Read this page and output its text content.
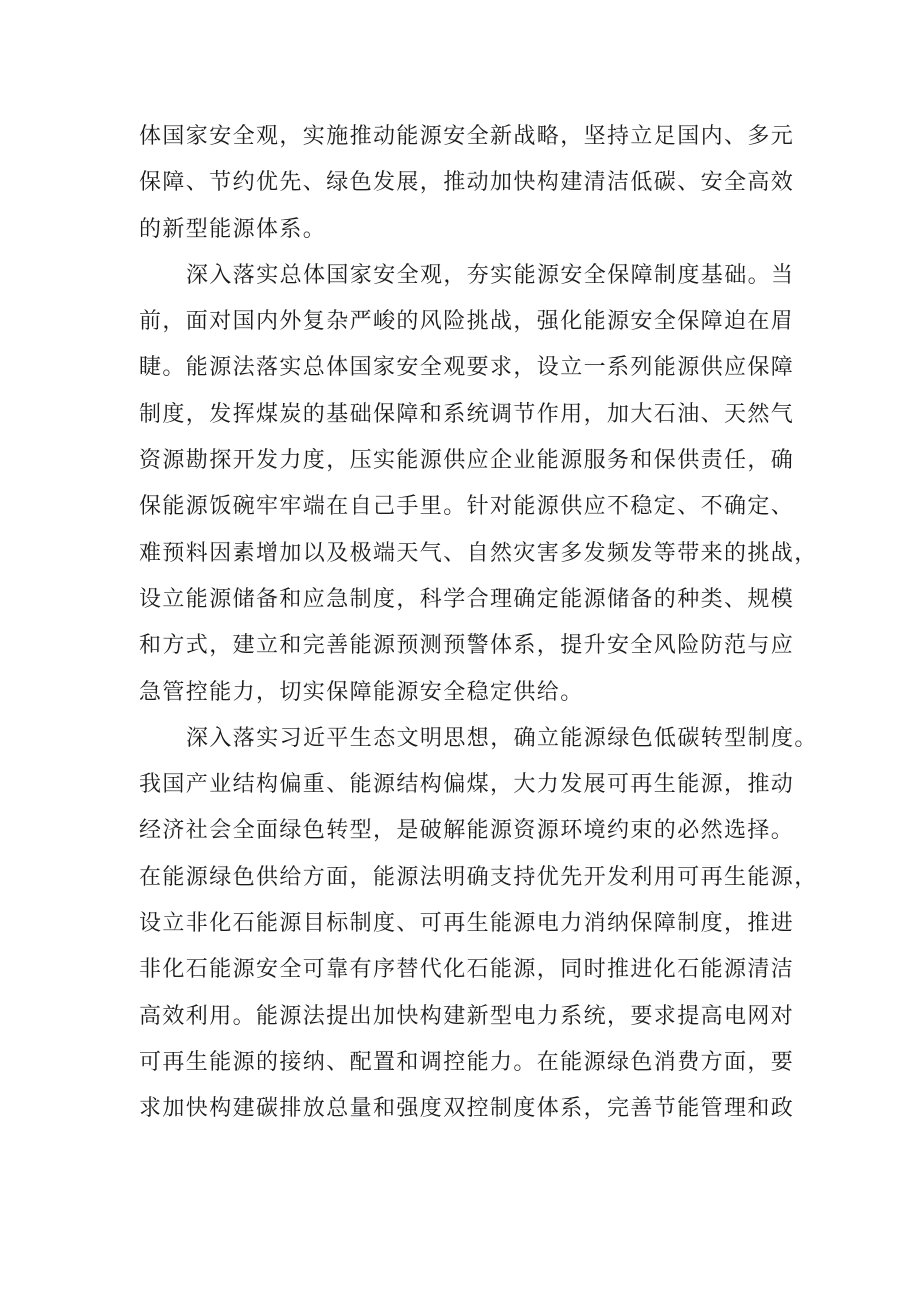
体国家安全观，实施推动能源安全新战略，坚持立足国内、多元
保障、节约优先、绿色发展，推动加快构建清洁低碳、安全高效
的新型能源体系。
深入落实总体国家安全观，夯实能源安全保障制度基础。当
前，面对国内外复杂严峻的风险挑战，强化能源安全保障迫在眉
睫。能源法落实总体国家安全观要求，设立一系列能源供应保障
制度，发挥煤炭的基础保障和系统调节作用，加大石油、天然气
资源勘探开发力度，压实能源供应企业能源服务和保供责任，确
保能源饭碗牢牢端在自己手里。针对能源供应不稳定、不确定、
难预料因素增加以及极端天气、自然灾害多发频发等带来的挑战，
设立能源储备和应急制度，科学合理确定能源储备的种类、规模
和方式，建立和完善能源预测预警体系，提升安全风险防范与应
急管控能力，切实保障能源安全稳定供给。
深入落实习近平生态文明思想，确立能源绿色低碳转型制度。
我国产业结构偏重、能源结构偏煤，大力发展可再生能源，推动
经济社会全面绿色转型，是破解能源资源环境约束的必然选择。
在能源绿色供给方面，能源法明确支持优先开发利用可再生能源，
设立非化石能源目标制度、可再生能源电力消纳保障制度，推进
非化石能源安全可靠有序替代化石能源，同时推进化石能源清洁
高效利用。能源法提出加快构建新型电力系统，要求提高电网对
可再生能源的接纳、配置和调控能力。在能源绿色消费方面，要
求加快构建碳排放总量和强度双控制度体系，完善节能管理和政
